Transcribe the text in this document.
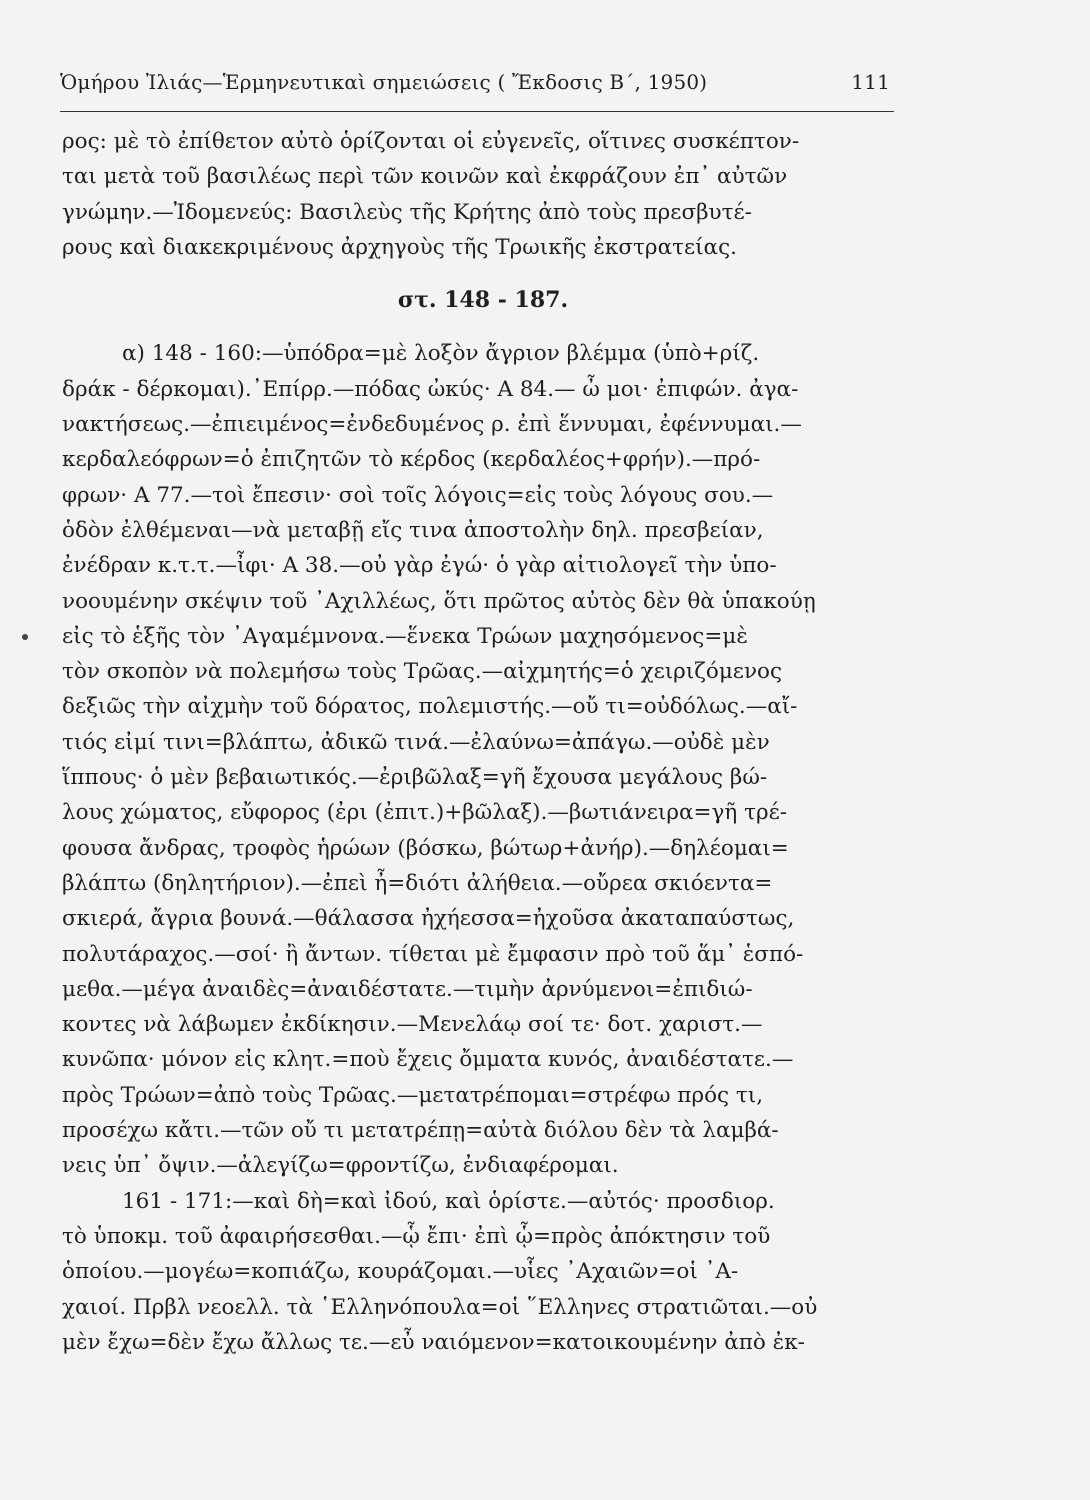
Ὁμήρου Ἰλιάς—Ἑρμηνευτικαὶ σημειώσεις ( Ἔκδοσις Β΄, 1950)	111
ρος: μὲ τὸ ἐπίθετον αὐτὸ ὁρίζονται οἱ εὐγενεῖς, οἵτινες συσκέπτον-
ται μετὰ τοῦ βασιλέως περὶ τῶν κοινῶν καὶ ἐκφράζουν ἐπ᾿ αὐτῶν
γνώμην.—Ἰδομενεύς: Βασιλεὺς τῆς Κρήτης ἀπὸ τοὺς πρεσβυτέ-
ρους καὶ διακεκριμένους ἀρχηγοὺς τῆς Τρωικῆς ἐκστρατείας.
στ. 148 - 187.
α) 148 - 160:—ὑπόδρα=μὲ λοξὸν ἄγριον βλέμμα (ὑπὸ+ρίζ.
δράκ - δέρκομαι).᾿Επίρρ.—πόδας ὠκύς· Α 84.— ὦ μοι· ἐπιφών. ἀγα-
νακτήσεως.—ἐπιειμένος=ἐνδεδυμένος ρ. ἐπὶ ἕννυμαι, ἐφέννυμαι.—
κερδαλεόφρων=ὁ ἐπιζητῶν τὸ κέρδος (κερδαλέος+φρήν).—πρό-
φρων· Α 77.—τοὶ ἔπεσιν· σοὶ τοῖς λόγοις=εἰς τοὺς λόγους σου.—
ὁδὸν ἐλθέμεναι—νὰ μεταβῇ εἴς τινα ἀποστολὴν δηλ. πρεσβείαν,
ἐνέδραν κ.τ.τ.—ἶφι· Α 38.—οὐ γὰρ ἐγώ· ὁ γὰρ αἰτιολογεῖ τὴν ὑπο-
νοουμένην σκέψιν τοῦ ᾿Αχιλλέως, ὅτι πρῶτος αὐτὸς δὲν θὰ ὑπακούῃ
εἰς τὸ ἑξῆς τὸν ᾿Αγαμέμνονα.—ἕνεκα Τρώων μαχησόμενος=μὲ
τὸν σκοπὸν νὰ πολεμήσω τοὺς Τρῶας.—αἰχμητής=ὁ χειριζόμενος
δεξιῶς τὴν αἰχμὴν τοῦ δόρατος, πολεμιστής.—οὔ τι=οὐδόλως.—αἴ-
τιός εἰμί τινι=βλάπτω, ἀδικῶ τινά.—ἐλαύνω=ἀπάγω.—οὐδὲ μὲν
ἵππους· ὁ μὲν βεβαιωτικός.—ἐριβῶλαξ=γῆ ἔχουσα μεγάλους βώ-
λους χώματος, εὔφορος (ἐρι (ἐπιτ.)+βῶλαξ).—βωτιάνειρα=γῆ τρέ-
φουσα ἄνδρας, τροφὸς ἡρώων (βόσκω, βώτωρ+ἀνήρ).—δηλέομαι=
βλάπτω (δηλητήριον).—ἐπεὶ ἦ=διότι ἀλήθεια.—οὔρεα σκιόεντα=
σκιερά, ἄγρια βουνά.—θάλασσα ἠχήεσσα=ἠχοῦσα ἀκαταπαύστως,
πολυτάραχος.—σοί· ἢ ἄντων. τίθεται μὲ ἔμφασιν πρὸ τοῦ ἅμ᾿ ἑσπό-
μεθα.—μέγα ἀναιδὲς=ἀναιδέστατε.—τιμὴν ἀρνύμενοι=ἐπιδιώ-
κοντες νὰ λάβωμεν ἐκδίκησιν.—Μενελάῳ σοί τε· δοτ. χαριστ.—
κυνῶπα· μόνον εἰς κλητ.=ποὺ ἔχεις ὄμματα κυνός, ἀναιδέστατε.—
πρὸς Τρώων=ἀπὸ τοὺς Τρῶας.—μετατρέπομαι=στρέφω πρός τι,
προσέχω κἄτι.—τῶν οὔ τι μετατρέπῃ=αὐτὰ διόλου δὲν τὰ λαμβά-
νεις ὑπ᾿ ὄψιν.—ἀλεγίζω=φροντίζω, ἐνδιαφέρομαι.
161 - 171:—καὶ δὴ=καὶ ἰδού, καὶ ὁρίστε.—αὐτός· προσδιορ.
τὸ ὑποκμ. τοῦ ἀφαιρήσεσθαι.—ᾧ ἔπι· ἐπὶ ᾧ=πρὸς ἀπόκτησιν τοῦ
ὁποίου.—μογέω=κοπιάζω, κουράζομαι.—υἷες ᾿Αχαιῶν=οἱ ᾿Α-
χαιοί. Πρβλ νεοελλ. τὰ ῾Ελληνόπουλα=οἱ ῞Ελληνες στρατιῶται.—οὐ
μὲν ἔχω=δὲν ἔχω ἄλλως τε.—εὖ ναιόμενον=κατοικουμένην ἀπὸ ἐκ-
